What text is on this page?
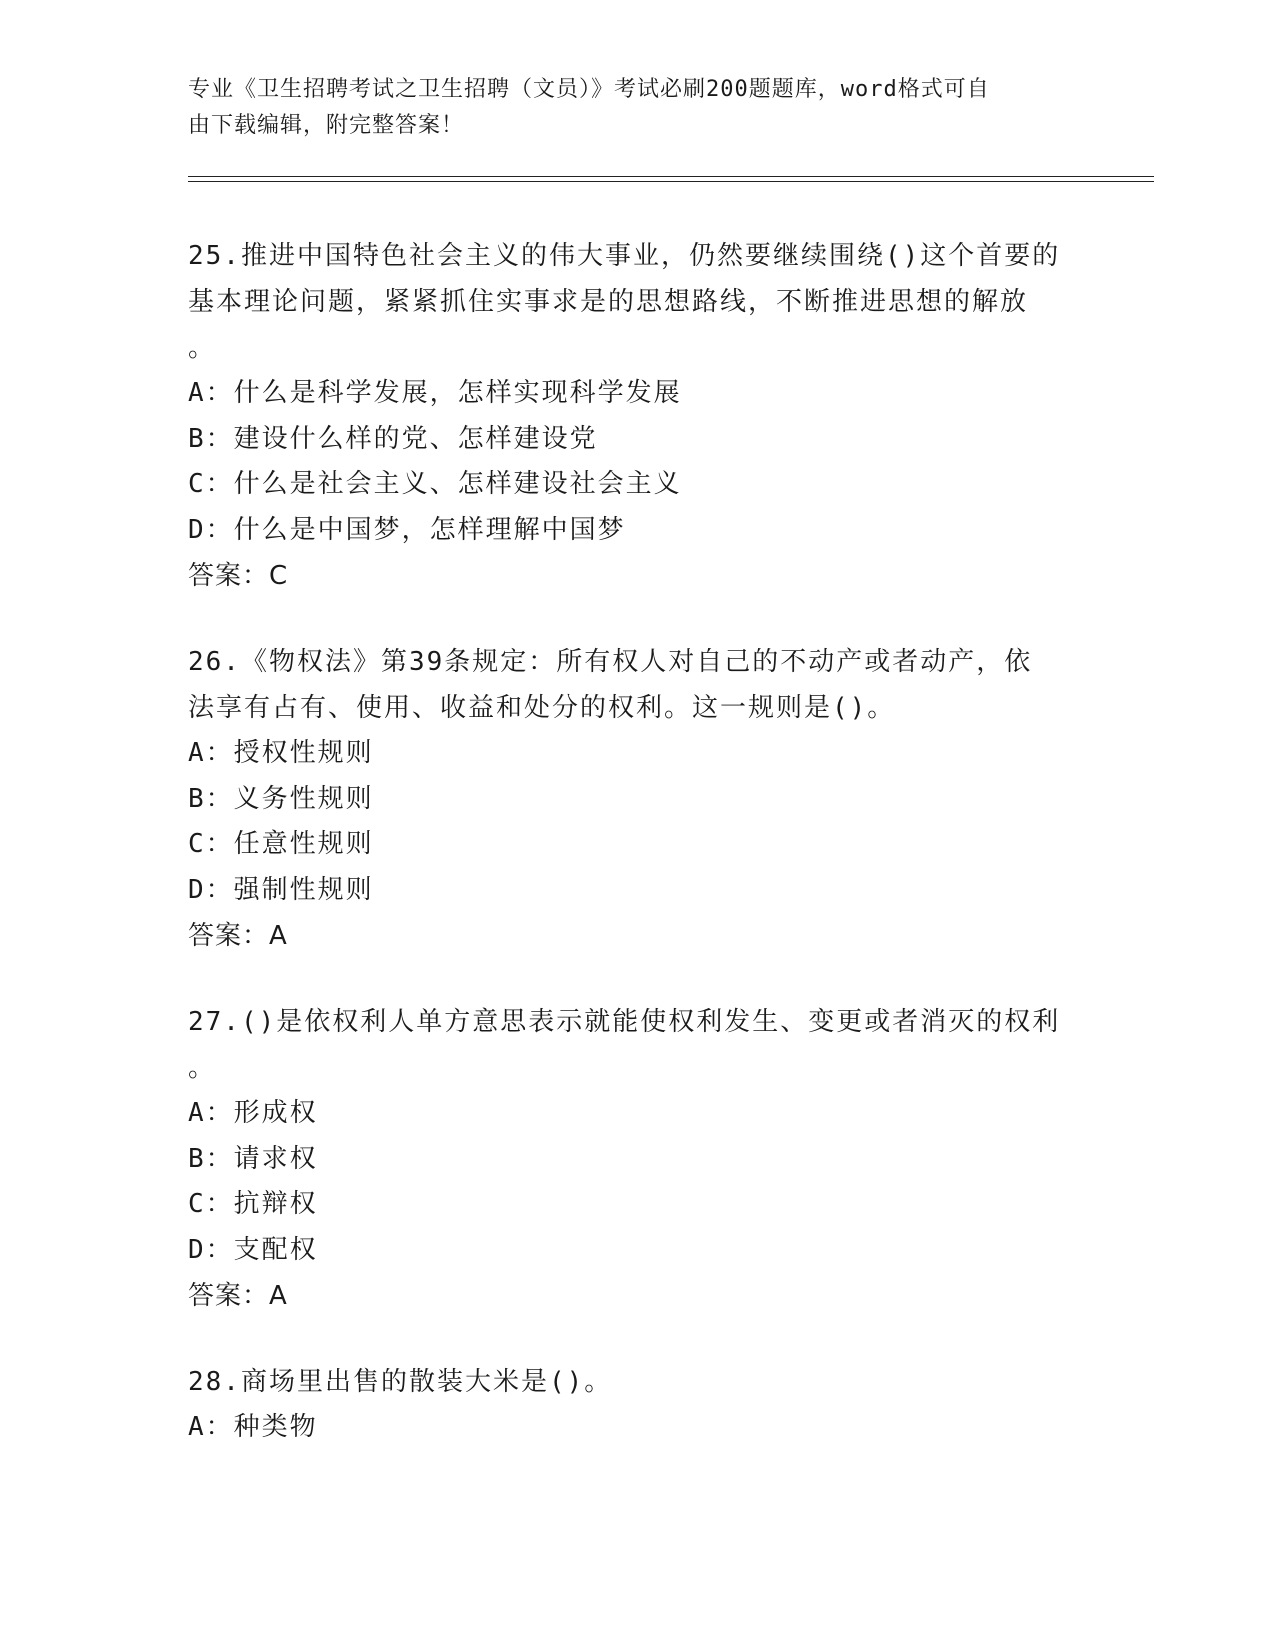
专业《卫生招聘考试之卫生招聘（文员）》考试必刷200题题库，word格式可自
由下载编辑，附完整答案！
25.推进中国特色社会主义的伟大事业，仍然要继续围绕()这个首要的
基本理论问题，紧紧抓住实事求是的思想路线，不断推进思想的解放
。
A：什么是科学发展，怎样实现科学发展
B：建设什么样的党、怎样建设党
C：什么是社会主义、怎样建设社会主义
D：什么是中国梦，怎样理解中国梦
答案：C
26.《物权法》第39条规定：所有权人对自己的不动产或者动产，依
法享有占有、使用、收益和处分的权利。这一规则是()。
A：授权性规则
B：义务性规则
C：任意性规则
D：强制性规则
答案：A
27.()是依权利人单方意思表示就能使权利发生、变更或者消灭的权利
。
A：形成权
B：请求权
C：抗辩权
D：支配权
答案：A
28.商场里出售的散装大米是()。
A：种类物
